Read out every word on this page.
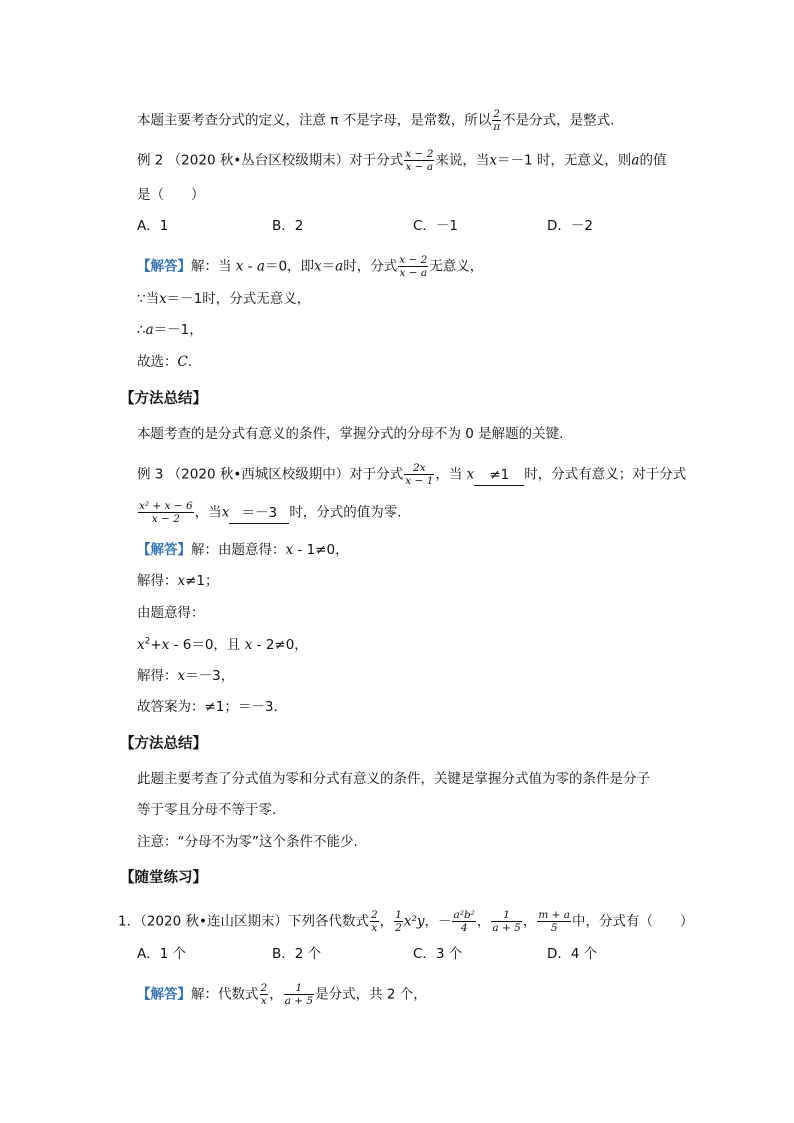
本题主要考查分式的定义，注意 π 不是字母，是常数，所以 $\frac{2}{\pi}$ 不是分式，是整式.
例 2 （2020 秋•丛台区校级期末）对于分式 $\frac{x - 2}{x - a}$ 来说，当x＝－1 时，无意义，则a的值
是（　　）
A．1	B．2	C．－1	D．－2
【解答】解：当 x - a＝0，即x＝a时，分式 $\frac{x - 2}{x - a}$ 无意义，
∵当x＝－1时，分式无意义，
∴a＝－1，
故选：C.
【方法总结】
本题考查的是分式有意义的条件，掌握分式的分母不为 0 是解题的关键.
例 3 （2020 秋•西城区校级期中）对于分式 $\frac{2x}{x - 1}$ ，当 x ≠1 时，分式有意义；对于分式
$\frac{\text{x² + x − 6}}{x - 2}$ ，当x ＝－3 时，分式的值为零.
【解答】解：由题意得：x - 1≠0，
解得：x≠1；
由题意得：
$x^2+x - 6=0$，且 x - 2≠0，
解得：x＝－3，
故答案为：≠1；＝－3.
【方法总结】
此题主要考查了分式值为零和分式有意义的条件，关键是掌握分式值为零的条件是分子
等于零且分母不等于零.
注意：“分母不为零”这个条件不能少.
【随堂练习】
1．（2020 秋•连山区期末）下列各代数式 $\frac{2}{x}$ ， $\frac{1}{2} x^2y$，－ $\frac{\text{a²b²}}{4}$ ， $\frac{1}{a + 5}$ ， $\frac{m + a}{5}$ 中，分式有（　　）
A．1 个	B．2 个	C．3 个	D．4 个
【解答】解：代数式 $\frac{2}{x}$ ， $\frac{1}{a + 5}$ 是分式，共 2 个，
